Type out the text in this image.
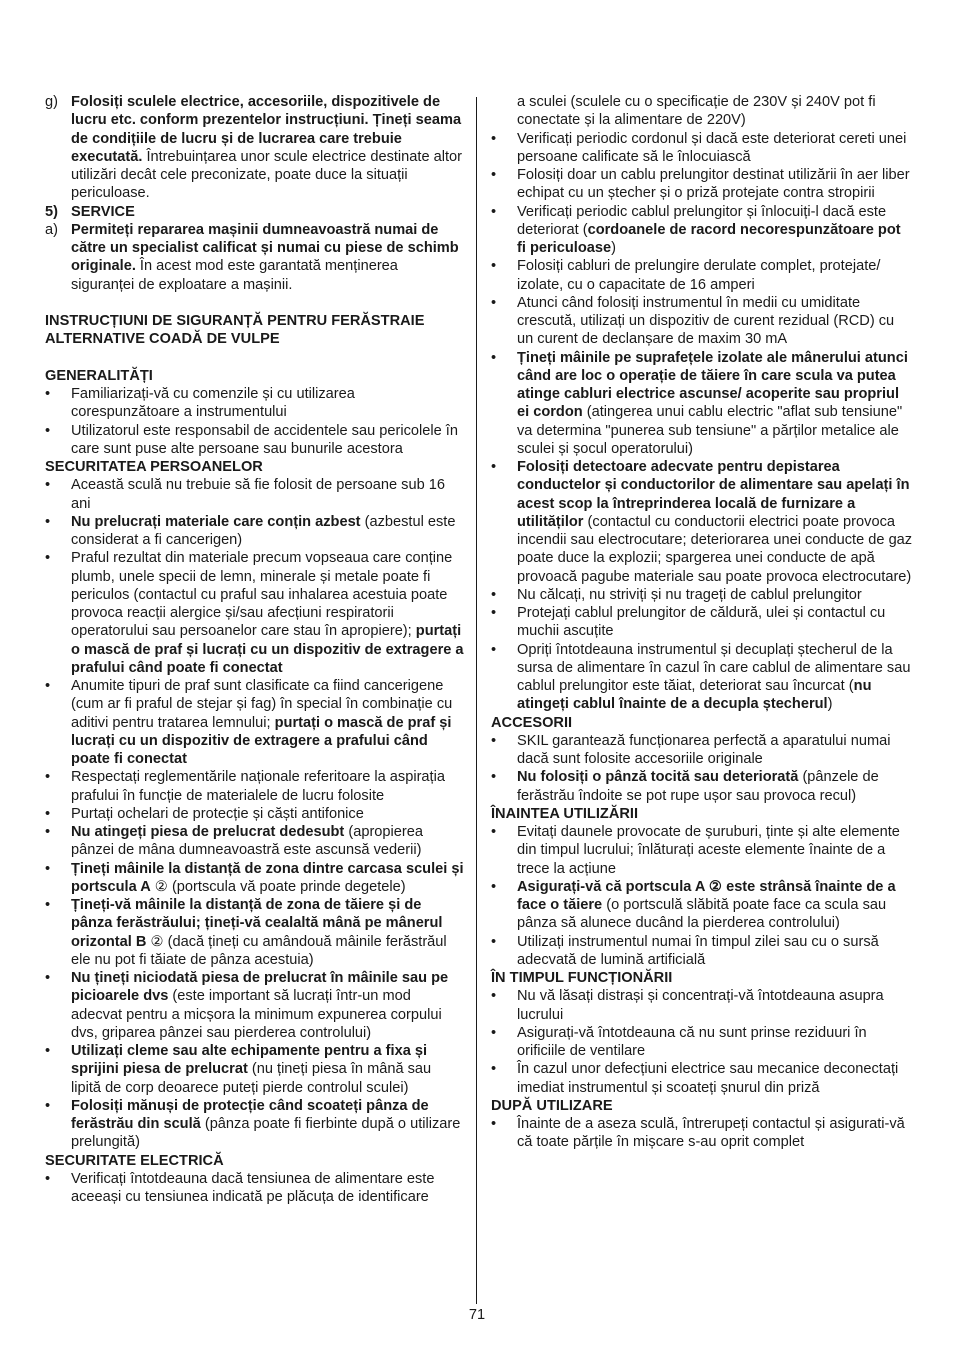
g) Folosiți sculele electrice, accesoriile, dispozitivele de lucru etc. conform prezentelor instrucțiuni. Țineți seama de condițiile de lucru și de lucrarea care trebuie executată. Întrebuințarea unor scule electrice destinate altor utilizări decât cele preconizate, poate duce la situații periculoase.
5) SERVICE
a) Permiteți repararea mașinii dumneavoastră numai de către un specialist calificat și numai cu piese de schimb originale. În acest mod este garantată menținerea siguranței de exploatare a mașinii.
INSTRUCȚIUNI DE SIGURANȚĂ PENTRU FERĂSTRAIE ALTERNATIVE COADĂ DE VULPE
GENERALITĂȚI
• Familiarizați-vă cu comenzile și cu utilizarea corespunzătoare a instrumentului
• Utilizatorul este responsabil de accidentele sau pericolele în care sunt puse alte persoane sau bunurile acestora
SECURITATEA PERSOANELOR
• Această sculă nu trebuie să fie folosit de persoane sub 16 ani
• Nu prelucrați materiale care conțin azbest (azbestul este considerat a fi cancerigen)
• Praful rezultat din materiale precum vopseaua care conține plumb, unele specii de lemn, minerale și metale poate fi periculos (contactul cu praful sau inhalarea acestuia poate provoca reacții alergice și/sau afecțiuni respiratorii operatorului sau persoanelor care stau în apropiere); purtați o mască de praf și lucrați cu un dispozitiv de extragere a prafului când poate fi conectat
• Anumite tipuri de praf sunt clasificate ca fiind cancerigene (cum ar fi praful de stejar și fag) în special în combinație cu aditivi pentru tratarea lemnului; purtați o mască de praf și lucrați cu un dispozitiv de extragere a prafului când poate fi conectat
• Respectați reglementările naționale referitoare la aspirația prafului în funcție de materialele de lucru folosite
• Purtați ochelari de protecție și căști antifonice
• Nu atingeți piesa de prelucrat dedesubt (apropierea pânzei de mâna dumneavoastră este ascunsă vederii)
• Țineți mâinile la distanță de zona dintre carcasa sculei și portscula A ② (portscula vă poate prinde degetele)
• Țineți-vă mâinile la distanță de zona de tăiere și de pânza ferăstrăului; țineți-vă cealaltă mână pe mânerul orizontal B ② (dacă țineți cu amândouă mâinile ferăstrăul ele nu pot fi tăiate de pânza acestuia)
• Nu țineți niciodată piesa de prelucrat în mâinile sau pe picioarele dvs (este important să lucrați într-un mod adecvat pentru a micșora la minimum expunerea corpului dvs, griparea pânzei sau pierderea controlului)
• Utilizați cleme sau alte echipamente pentru a fixa și sprijini piesa de prelucrat (nu țineți piesa în mână sau lipită de corp deoarece puteți pierde controlul sculei)
• Folosiți mănuși de protecție când scoateți pânza de ferăstrău din sculă (pânza poate fi fierbinte după o utilizare prelungită)
SECURITATE ELECTRICĂ
• Verificați întotdeauna dacă tensiunea de alimentare este aceeași cu tensiunea indicată pe plăcuța de identificare
a sculei (sculele cu o specificație de 230V și 240V pot fi conectate și la alimentare de 220V)
• Verificați periodic cordonul și dacă este deteriorat cereti unei persoane calificate să le înlocuiască
• Folosiți doar un cablu prelungitor destinat utilizării în aer liber echipat cu un ștecher și o priză protejate contra stropirii
• Verificați periodic cablul prelungitor și înlocuiți-l dacă este deteriorat (cordoanele de racord necorespunzătoare pot fi periculoase)
• Folosiți cabluri de prelungire derulate complet, protejate/ izolate, cu o capacitate de 16 amperi
• Atunci când folosiți instrumentul în medii cu umiditate crescută, utilizați un dispozitiv de curent rezidual (RCD) cu un curent de declanșare de maxim 30 mA
• Țineți mâinile pe suprafețele izolate ale mânerului atunci când are loc o operație de tăiere în care scula va putea atinge cabluri electrice ascunse/ acoperite sau propriul ei cordon (atingerea unui cablu electric "aflat sub tensiune" va determina "punerea sub tensiune" a părților metalice ale sculei și șocul operatorului)
• Folosiți detectoare adecvate pentru depistarea conductelor și conductorilor de alimentare sau apelați în acest scop la întreprinderea locală de furnizare a utilităților (contactul cu conductorii electrici poate provoca incendii sau electrocutare; deteriorarea unei conducte de gaz poate duce la explozii; spargerea unei conducte de apă provoacă pagube materiale sau poate provoca electrocutare)
• Nu călcați, nu striviți și nu trageți de cablul prelungitor
• Protejați cablul prelungitor de căldură, ulei și contactul cu muchii ascuțite
• Opriți întotdeauna instrumentul și decuplați ștecherul de la sursa de alimentare în cazul în care cablul de alimentare sau cablul prelungitor este tăiat, deteriorat sau încurcat (nu atingeți cablul înainte de a decupla ștecherul)
ACCESORII
• SKIL garantează funcționarea perfectă a aparatului numai dacă sunt folosite accesoriile originale
• Nu folosiți o pânză tocită sau deteriorată (pânzele de ferăstrău îndoite se pot rupe ușor sau provoca recul)
ÎNAINTEA UTILIZĂRII
• Evitați daunele provocate de șuruburi, ținte și alte elemente din timpul lucrului; înlăturați aceste elemente înainte de a trece la acțiune
• Asigurați-vă că portscula A ② este strânsă înainte de a face o tăiere (o portsculă slăbită poate face ca scula sau pânza să alunece ducând la pierderea controlului)
• Utilizați instrumentul numai în timpul zilei sau cu o sursă adecvată de lumină artificială
ÎN TIMPUL FUNCȚIONĂRII
• Nu vă lăsați distrași și concentrați-vă întotdeauna asupra lucrului
• Asigurați-vă întotdeauna că nu sunt prinse reziduuri în orificiile de ventilare
• În cazul unor defecțiuni electrice sau mecanice deconectați imediat instrumentul și scoateți șnurul din priză
DUPĂ UTILIZARE
• Înainte de a aseza sculă, întrerupeți contactul și asigurati-vă că toate părțile în mișcare s-au oprit complet
71
